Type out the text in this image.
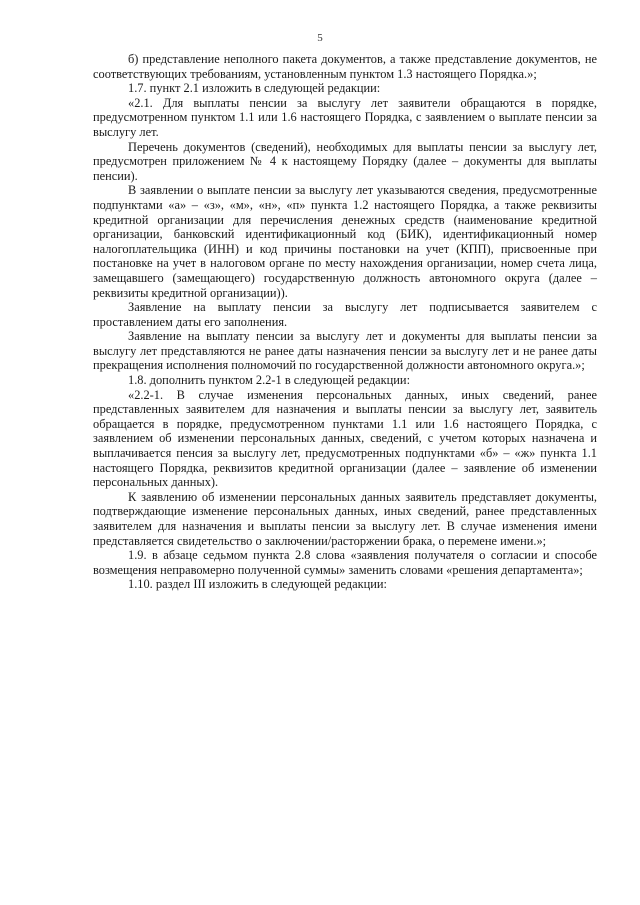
5

б) представление неполного пакета документов, а также представление документов, не соответствующих требованиям, установленным пунктом 1.3 настоящего Порядка.»;

1.7. пункт 2.1 изложить в следующей редакции:

«2.1. Для выплаты пенсии за выслугу лет заявители обращаются в порядке, предусмотренном пунктом 1.1 или 1.6 настоящего Порядка, с заявлением о выплате пенсии за выслугу лет.

Перечень документов (сведений), необходимых для выплаты пенсии за выслугу лет, предусмотрен приложением № 4 к настоящему Порядку (далее – документы для выплаты пенсии).

В заявлении о выплате пенсии за выслугу лет указываются сведения, предусмотренные подпунктами «а» – «з», «м», «н», «п» пункта 1.2 настоящего Порядка, а также реквизиты кредитной организации для перечисления денежных средств (наименование кредитной организации, банковский идентификационный код (БИК), идентификационный номер налогоплательщика (ИНН) и код причины постановки на учет (КПП), присвоенные при постановке на учет в налоговом органе по месту нахождения организации, номер счета лица, замещавшего (замещающего) государственную должность автономного округа (далее – реквизиты кредитной организации)).

Заявление на выплату пенсии за выслугу лет подписывается заявителем с проставлением даты его заполнения.

Заявление на выплату пенсии за выслугу лет и документы для выплаты пенсии за выслугу лет представляются не ранее даты назначения пенсии за выслугу лет и не ранее даты прекращения исполнения полномочий по государственной должности автономного округа.»;

1.8. дополнить пунктом 2.2-1 в следующей редакции:

«2.2-1. В случае изменения персональных данных, иных сведений, ранее представленных заявителем для назначения и выплаты пенсии за выслугу лет, заявитель обращается в порядке, предусмотренном пунктами 1.1 или 1.6 настоящего Порядка, с заявлением об изменении персональных данных, сведений, с учетом которых назначена и выплачивается пенсия за выслугу лет, предусмотренных подпунктами «б» – «ж» пункта 1.1 настоящего Порядка, реквизитов кредитной организации (далее – заявление об изменении персональных данных).

К заявлению об изменении персональных данных заявитель представляет документы, подтверждающие изменение персональных данных, иных сведений, ранее представленных заявителем для назначения и выплаты пенсии за выслугу лет. В случае изменения имени представляется свидетельство о заключении/расторжении брака, о перемене имени.»;

1.9. в абзаце седьмом пункта 2.8 слова «заявления получателя о согласии и способе возмещения неправомерно полученной суммы» заменить словами «решения департамента»;

1.10. раздел III изложить в следующей редакции:
